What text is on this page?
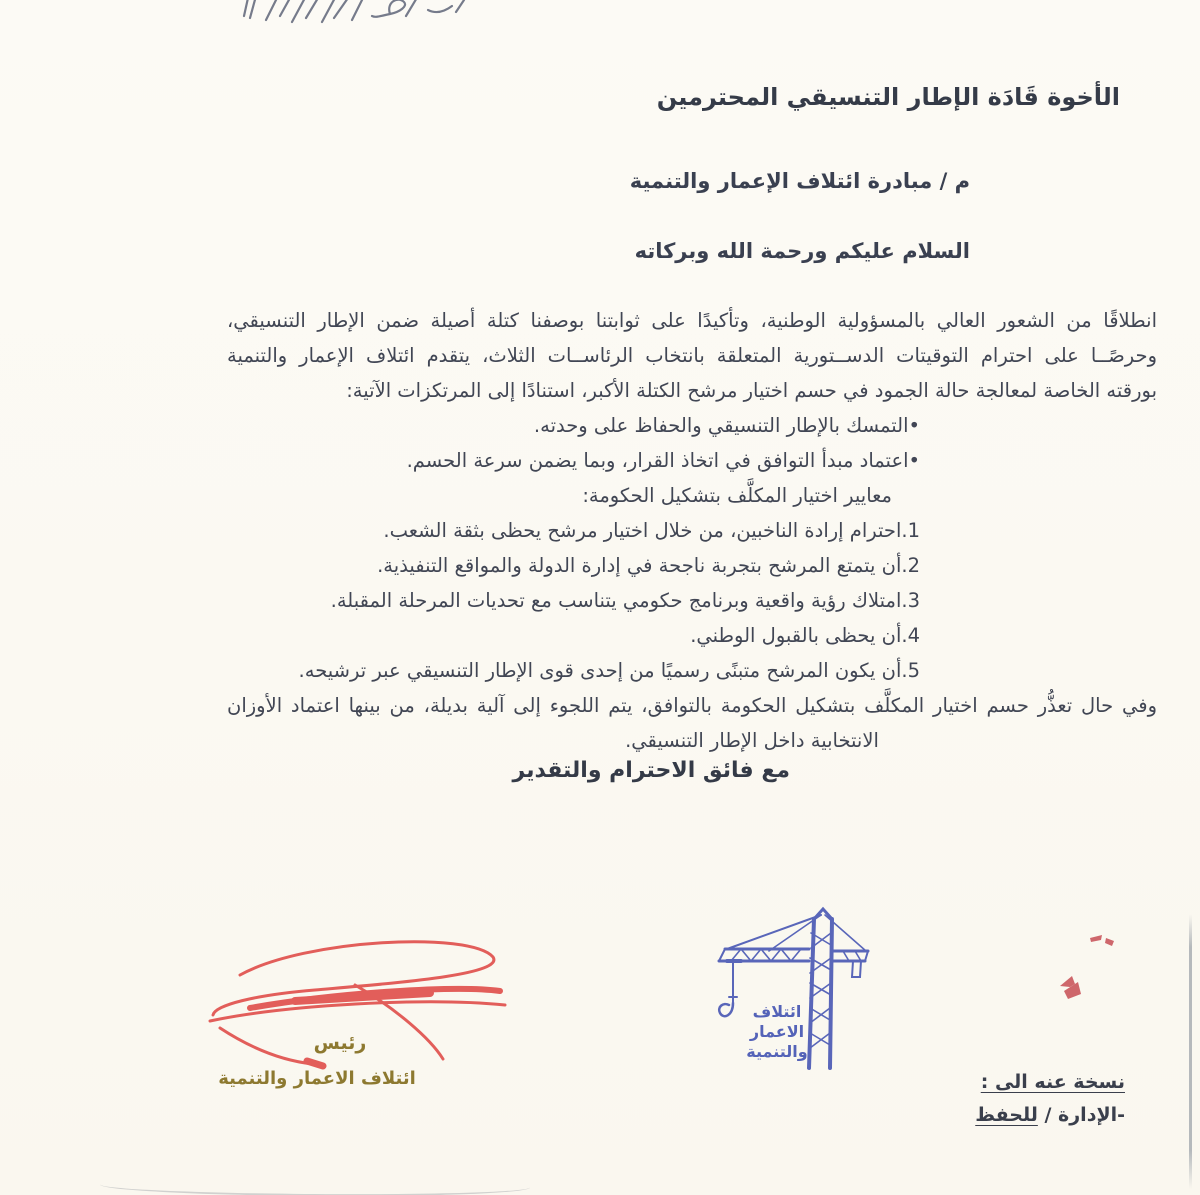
الأخوة قَادَة الإطار التنسيقي المحترمين
م / مبادرة ائتلاف الإعمار والتنمية
السلام عليكم ورحمة الله وبركاته
انطلاقًا من الشعور العالي بالمسؤولية الوطنية، وتأكيدًا على ثوابتنا بوصفنا كتلة أصيلة ضمن الإطار التنسيقي،
وحرصًــا على احترام التوقيتات الدســتورية المتعلقة بانتخاب الرئاســات الثلاث، يتقدم ائتلاف الإعمار والتنمية
بورقته الخاصة لمعالجة حالة الجمود في حسم اختيار مرشح الكتلة الأكبر، استنادًا إلى المرتكزات الآتية:
•التمسك بالإطار التنسيقي والحفاظ على وحدته.
•اعتماد مبدأ التوافق في اتخاذ القرار، وبما يضمن سرعة الحسم.
معايير اختيار المكلَّف بتشكيل الحكومة:
1.احترام إرادة الناخبين، من خلال اختيار مرشح يحظى بثقة الشعب.
2.أن يتمتع المرشح بتجربة ناجحة في إدارة الدولة والمواقع التنفيذية.
3.امتلاك رؤية واقعية وبرنامج حكومي يتناسب مع تحديات المرحلة المقبلة.
4.أن يحظى بالقبول الوطني.
5.أن يكون المرشح متبنًى رسميًا من إحدى قوى الإطار التنسيقي عبر ترشيحه.
وفي حال تعذُّر حسم اختيار المكلَّف بتشكيل الحكومة بالتوافق، يتم اللجوء إلى آلية بديلة، من بينها اعتماد الأوزان
الانتخابية داخل الإطار التنسيقي.
مع فائق الاحترام والتقدير
رئيس
ائتلاف الاعمار والتنمية
ائتلاف
الاعمار
والتنمية
نسخة عنه الى :
-الإدارة / للحفظ
